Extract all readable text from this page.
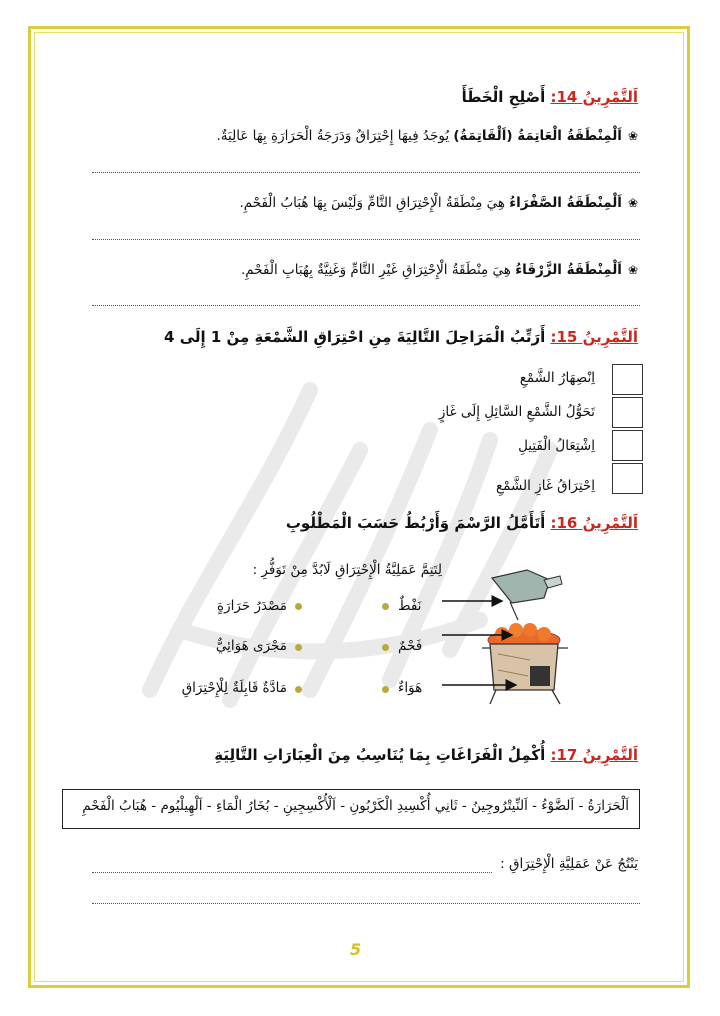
اَلتَّمْرِينُ 14: أَصْلِحِ الْخَطَأَ
❀اَلْمِنْطَقَةُ الْعَاتِمَةُ (اَلْقَاتِمَةُ) يُوجَدُ فِيهَا إِحْتِرَاقٌ وَدَرَجَةُ الْحَرَارَةِ بِهَا عَالِيَةٌ.
❀اَلْمِنْطَقَةُ الصَّفْرَاءُ هِيَ مِنْطَقَةُ الْإِحْتِرَاقِ التَّامِّ وَلَيْسَ بِهَا هُبَابُ الْفَحْمِ.
❀اَلْمِنْطَقَةُ الزَّرْقَاءُ هِيَ مِنْطَقَةُ الْإِحْتِرَاقِ غَيْرِ التَّامِّ وَغَنِيَّةٌ بِهُبَابِ الْفَحْمِ.
اَلتَّمْرِينُ 15: أَرَتِّبُ الْمَرَاحِلَ التَّالِيَةَ مِنِ احْتِرَاقِ الشَّمْعَةِ مِنْ 1 إِلَى 4
اِنْصِهَارُ الشَّمْعِ
تَحَوُّلُ الشَّمْعِ السَّائِلِ إِلَى غَازٍ
اِشْتِعَالُ الْفَتِيلِ
اِحْتِرَاقُ غَازِ الشَّمْعِ
اَلتَّمْرِينُ 16: أَتَأَمَّلُ الرَّسْمَ وَأَرْبُطُ حَسَبَ الْمَطْلُوبِ
لِتَتِمَّ عَمَلِيَّةُ الْإِحْتِرَاقِ لَابُدَّ مِنْ تَوَفُّرِ :
نَفْطٌ
فَحْمٌ
هَوَاءٌ
مَصْدَرُ حَرَارَةٍ
مَجْرَى هَوَائِيٌّ
مَادَّةٌ قَابِلَةٌ لِلْإِحْتِرَاقِ
اَلتَّمْرِينُ 17: أُكْمِلُ الْفَرَاغَاتِ بِمَا يُنَاسِبُ مِنَ الْعِبَارَاتِ التَّالِيَةِ
اَلْحَرَارَةُ - اَلضَّوْءُ - اَلنِّيتْرُوجِينُ - ثَانِي أُكْسِيدِ الْكَرْبُونِ - اَلْأُكْسِجِينِ - بُخَارُ الْمَاءِ - اَلْهِيلْيُوم - هُبَابُ الْفَحْمِ
يَنْتُجُ عَنْ عَمَلِيَّةِ الْإِحْتِرَاقِ :
5
